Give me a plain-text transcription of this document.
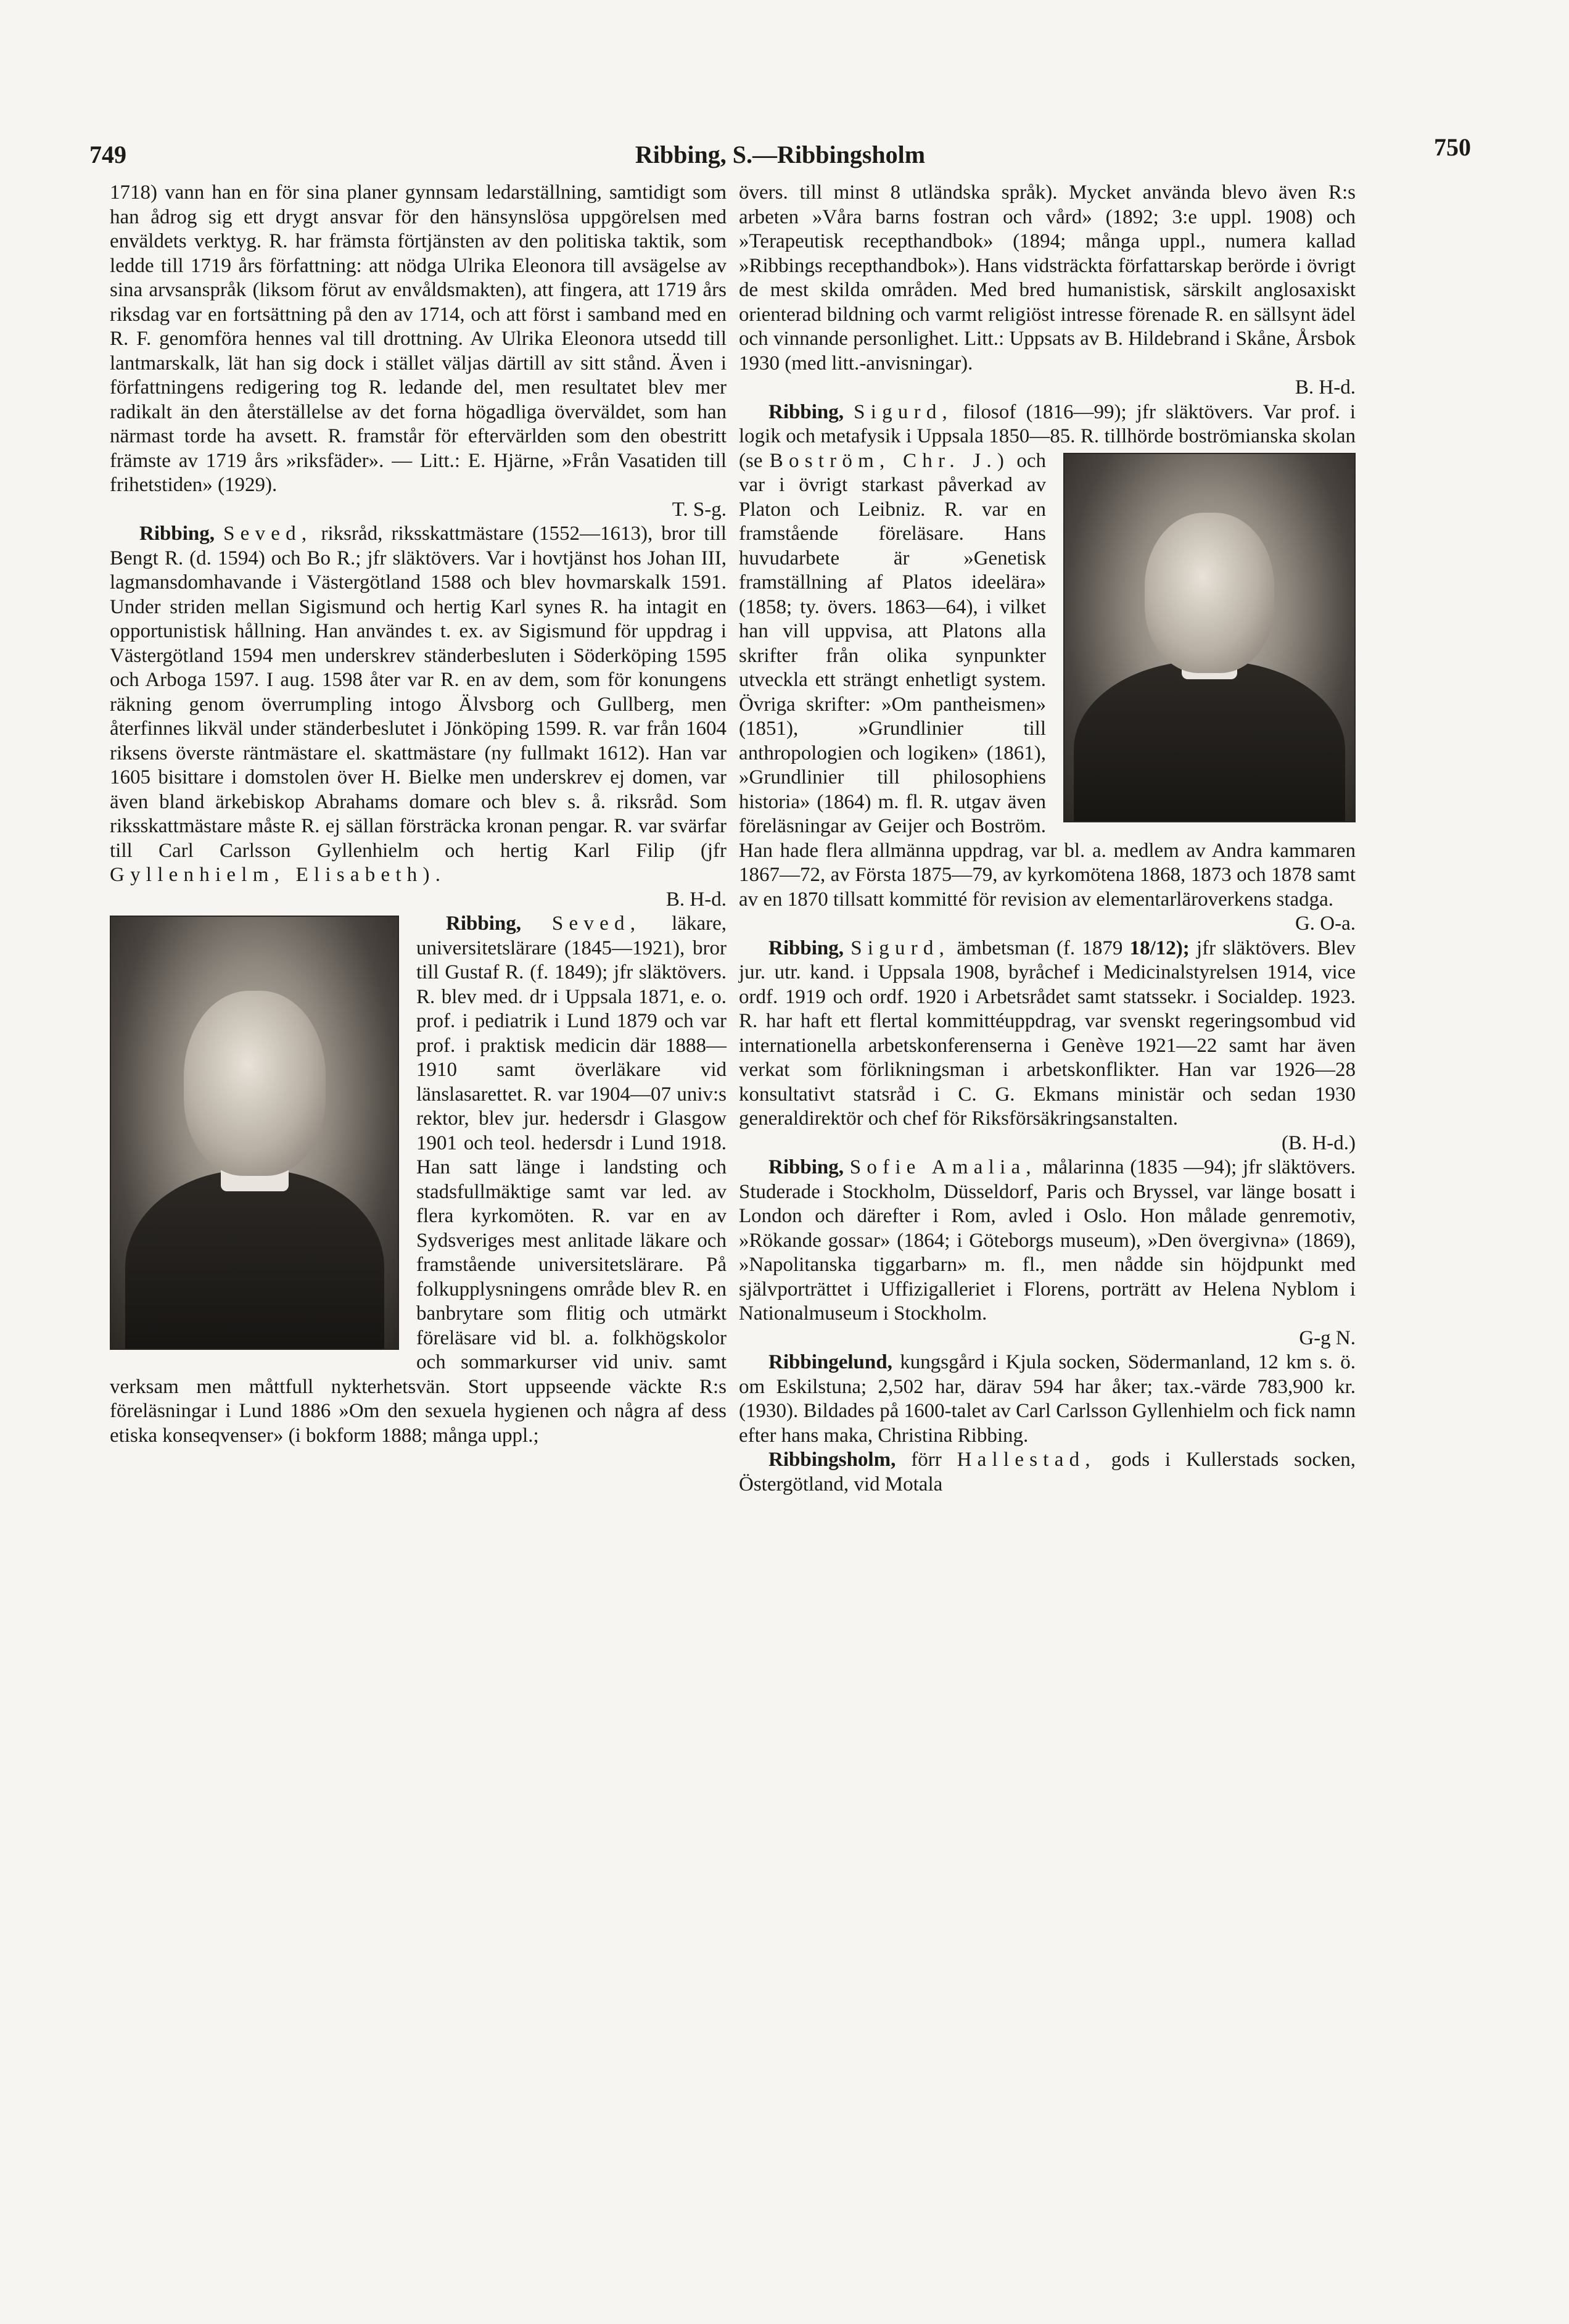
749	Ribbing, S.—Ribbingsholm	750

1718) vann han en för sina planer gynnsam ledarställning, samtidigt som han ådrog sig ett drygt ansvar för den hänsynslösa uppgörelsen med enväldets verktyg. R. har främsta förtjänsten av den politiska taktik, som ledde till 1719 års författning: att nödga Ulrika Eleonora till avsägelse av sina arvsanspråk (liksom förut av envåldsmakten), att fingera, att 1719 års riksdag var en fortsättning på den av 1714, och att först i samband med en R. F. genomföra hennes val till drottning. Av Ulrika Eleonora utsedd till lantmarskalk, lät han sig dock i stället väljas därtill av sitt stånd. Även i författningens redigering tog R. ledande del, men resultatet blev mer radikalt än den återställelse av det forna högadliga överväldet, som han närmast torde ha avsett. R. framstår för eftervärlden som den obestritt främste av 1719 års »riksfäder». — Litt.: E. Hjärne, »Från Vasatiden till frihetstiden» (1929).
T. S-g.

Ribbing, Seved, riksråd, riksskattmästare (1552—1613), bror till Bengt R. (d. 1594) och Bo R.; jfr släktövers. Var i hovtjänst hos Johan III, lagmansdomhavande i Västergötland 1588 och blev hovmarskalk 1591. Under striden mellan Sigismund och hertig Karl synes R. ha intagit en opportunistisk hållning. Han användes t. ex. av Sigismund för uppdrag i Västergötland 1594 men underskrev ständerbesluten i Söderköping 1595 och Arboga 1597. I aug. 1598 åter var R. en av dem, som för konungens räkning genom överrumpling intogo Älvsborg och Gullberg, men återfinnes likväl under ständerbeslutet i Jönköping 1599. R. var från 1604 riksens överste räntmästare el. skattmästare (ny fullmakt 1612). Han var 1605 bisittare i domstolen över H. Bielke men underskrev ej domen, var även bland ärkebiskop Abrahams domare och blev s. å. riksråd. Som riksskattmästare måste R. ej sällan försträcka kronan pengar. R. var svärfar till Carl Carlsson Gyllenhielm och hertig Karl Filip (jfr Gyllenhielm, Elisabeth).
B. H-d.

Ribbing, Seved, läkare, universitetslärare (1845—1921), bror till Gustaf R. (f. 1849); jfr släktövers. R. blev med. dr i Uppsala 1871, e. o. prof. i pediatrik i Lund 1879 och var prof. i praktisk medicin där 1888—1910 samt överläkare vid länslasarettet. R. var 1904—07 univ:s rektor, blev jur. hedersdr i Glasgow 1901 och teol. hedersdr i Lund 1918. Han satt länge i landsting och stadsfullmäktige samt var led. av flera kyrkomöten. R. var en av Sydsveriges mest anlitade läkare och framstående universitetslärare. På folkupplysningens område blev R. en banbrytare som flitig och utmärkt föreläsare vid bl. a. folkhögskolor och sommarkurser vid univ. samt verksam men måttfull nykterhetsvän. Stort uppseende väckte R:s föreläsningar i Lund 1886 »Om den sexuela hygienen och några af dess etiska konseqvenser» (i bokform 1888; många uppl.;

övers. till minst 8 utländska språk). Mycket använda blevo även R:s arbeten »Våra barns fostran och vård» (1892; 3:e uppl. 1908) och »Terapeutisk recepthandbok» (1894; många uppl., numera kallad »Ribbings recepthandbok»). Hans vidsträckta författarskap berörde i övrigt de mest skilda områden. Med bred humanistisk, särskilt anglosaxiskt orienterad bildning och varmt religiöst intresse förenade R. en sällsynt ädel och vinnande personlighet. Litt.: Uppsats av B. Hildebrand i Skåne, Årsbok 1930 (med litt.-anvisningar).
B. H-d.

Ribbing, Sigurd, filosof (1816—99); jfr släktövers. Var prof. i logik och metafysik i Uppsala 1850—85. R. tillhörde boströmianska skolan (se Boström, Chr. J.) och var i övrigt starkast påverkad av Platon och Leibniz. R. var en framstående föreläsare. Hans huvudarbete är »Genetisk framställning af Platos ideelära» (1858; ty. övers. 1863—64), i vilket han vill uppvisa, att Platons alla skrifter från olika synpunkter utveckla ett strängt enhetligt system. Övriga skrifter: »Om pantheismen» (1851), »Grundlinier till anthropologien och logiken» (1861), »Grundlinier till philosophiens historia» (1864) m. fl. R. utgav även föreläsningar av Geijer och Boström. Han hade flera allmänna uppdrag, var bl. a. medlem av Andra kammaren 1867—72, av Första 1875—79, av kyrkomötena 1868, 1873 och 1878 samt av en 1870 tillsatt kommitté för revision av elementarläroverkens stadga.
G. O-a.

Ribbing, Sigurd, ämbetsman (f. 1879 18/12); jfr släktövers. Blev jur. utr. kand. i Uppsala 1908, byråchef i Medicinalstyrelsen 1914, vice ordf. 1919 och ordf. 1920 i Arbetsrådet samt statssekr. i Socialdep. 1923. R. har haft ett flertal kommittéuppdrag, var svenskt regeringsombud vid internationella arbetskonferenserna i Genève 1921—22 samt har även verkat som förlikningsman i arbetskonflikter. Han var 1926—28 konsultativt statsråd i C. G. Ekmans ministär och sedan 1930 generaldirektör och chef för Riksförsäkringsanstalten.
(B. H-d.)

Ribbing, Sofie Amalia, målarinna (1835 —94); jfr släktövers. Studerade i Stockholm, Düsseldorf, Paris och Bryssel, var länge bosatt i London och därefter i Rom, avled i Oslo. Hon målade genremotiv, »Rökande gossar» (1864; i Göteborgs museum), »Den övergivna» (1869), »Napolitanska tiggarbarn» m. fl., men nådde sin höjdpunkt med självporträttet i Uffizigalleriet i Florens, porträtt av Helena Nyblom i Nationalmuseum i Stockholm.
G-g N.

Ribbingelund, kungsgård i Kjula socken, Södermanland, 12 km s. ö. om Eskilstuna; 2,502 har, därav 594 har åker; tax.-värde 783,900 kr. (1930). Bildades på 1600-talet av Carl Carlsson Gyllenhielm och fick namn efter hans maka, Christina Ribbing.

Ribbingsholm, förr Hallestad, gods i Kullerstads socken, Östergötland, vid Motala
